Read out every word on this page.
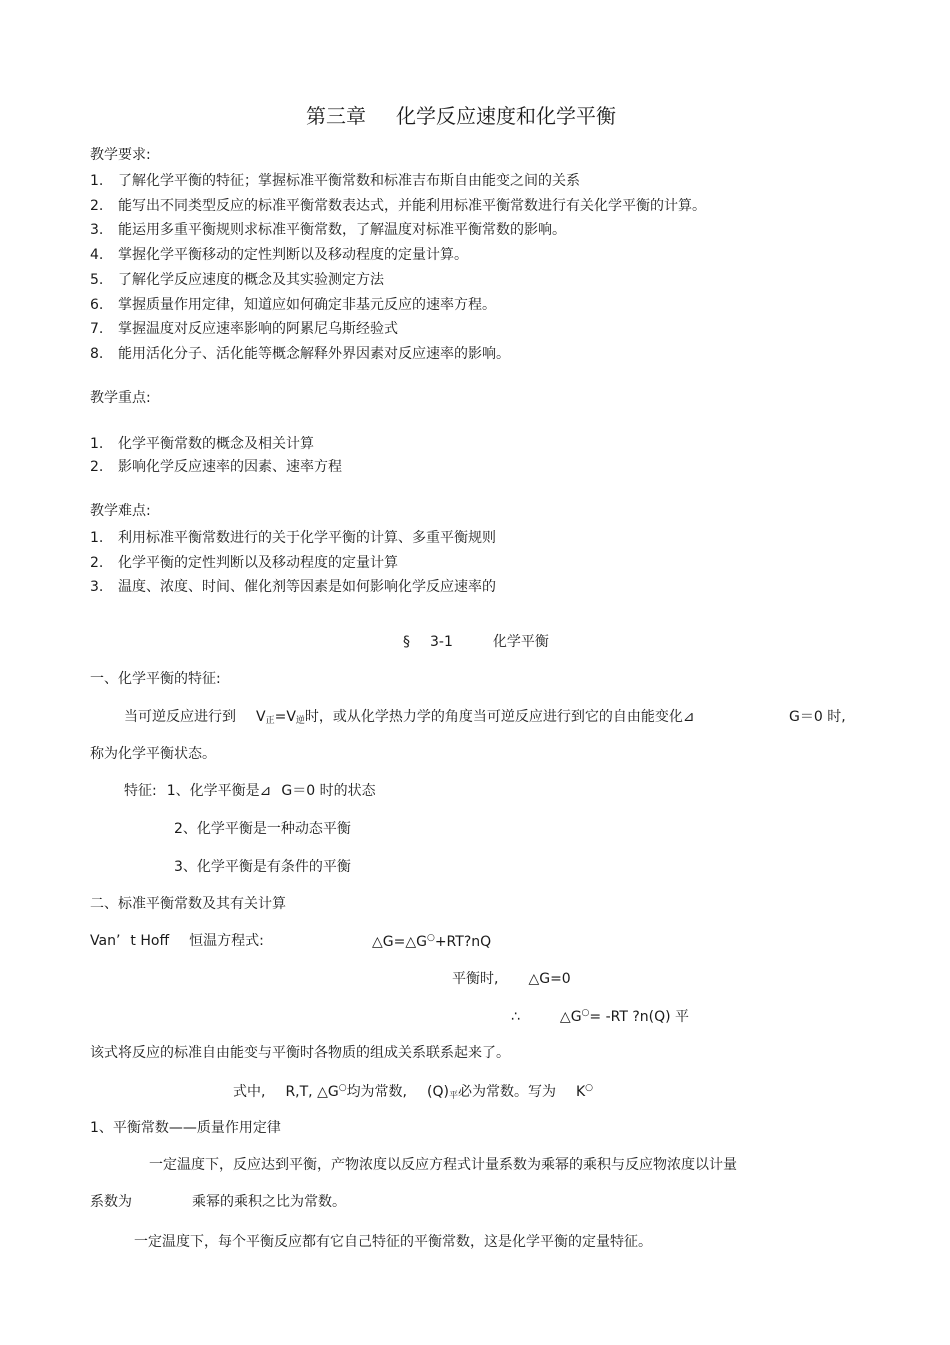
第三章 化学反应速度和化学平衡
教学要求:
1. 了解化学平衡的特征；掌握标准平衡常数和标准吉布斯自由能变之间的关系
2. 能写出不同类型反应的标准平衡常数表达式，并能利用标准平衡常数进行有关化学平衡的计算。
3. 能运用多重平衡规则求标准平衡常数，了解温度对标准平衡常数的影响。
4. 掌握化学平衡移动的定性判断以及移动程度的定量计算。
5. 了解化学反应速度的概念及其实验测定方法
6. 掌握质量作用定律，知道应如何确定非基元反应的速率方程。
7. 掌握温度对反应速率影响的阿累尼乌斯经验式
8. 能用活化分子、活化能等概念解释外界因素对反应速率的影响。
教学重点:
1. 化学平衡常数的概念及相关计算
2. 影响化学反应速率的因素、速率方程
教学难点:
1. 利用标准平衡常数进行的关于化学平衡的计算、多重平衡规则
2. 化学平衡的定性判断以及移动程度的定量计算
3. 温度、浓度、时间、催化剂等因素是如何影响化学反应速率的
§ 3-1	化学平衡
一、化学平衡的特征:
当可逆反应进行到 $V_正=V_逆$时，或从化学热力学的角度当可逆反应进行到它的自由能变化⊿	G＝0 时,
称为化学平衡状态。
特征: 1、化学平衡是⊿ G＝0 时的状态
2、化学平衡是一种动态平衡
3、化学平衡是有条件的平衡
二、标准平衡常数及其有关计算
Van’ t Hoff 恒温方程式:	△G=△G○+RT?nQ
平衡时, △G=0
∴	△G○= -RT ?n(Q) 平
该式将反应的标准自由能变与平衡时各物质的组成关系联系起来了。
式中, R,T, △G○均为常数, $(Q)_平$必为常数。写为 K○
1、平衡常数——质量作用定律
一定温度下，反应达到平衡，产物浓度以反应方程式计量系数为乘幂的乘积与反应物浓度以计量
系数为	乘幂的乘积之比为常数。
一定温度下，每个平衡反应都有它自己特征的平衡常数，这是化学平衡的定量特征。
